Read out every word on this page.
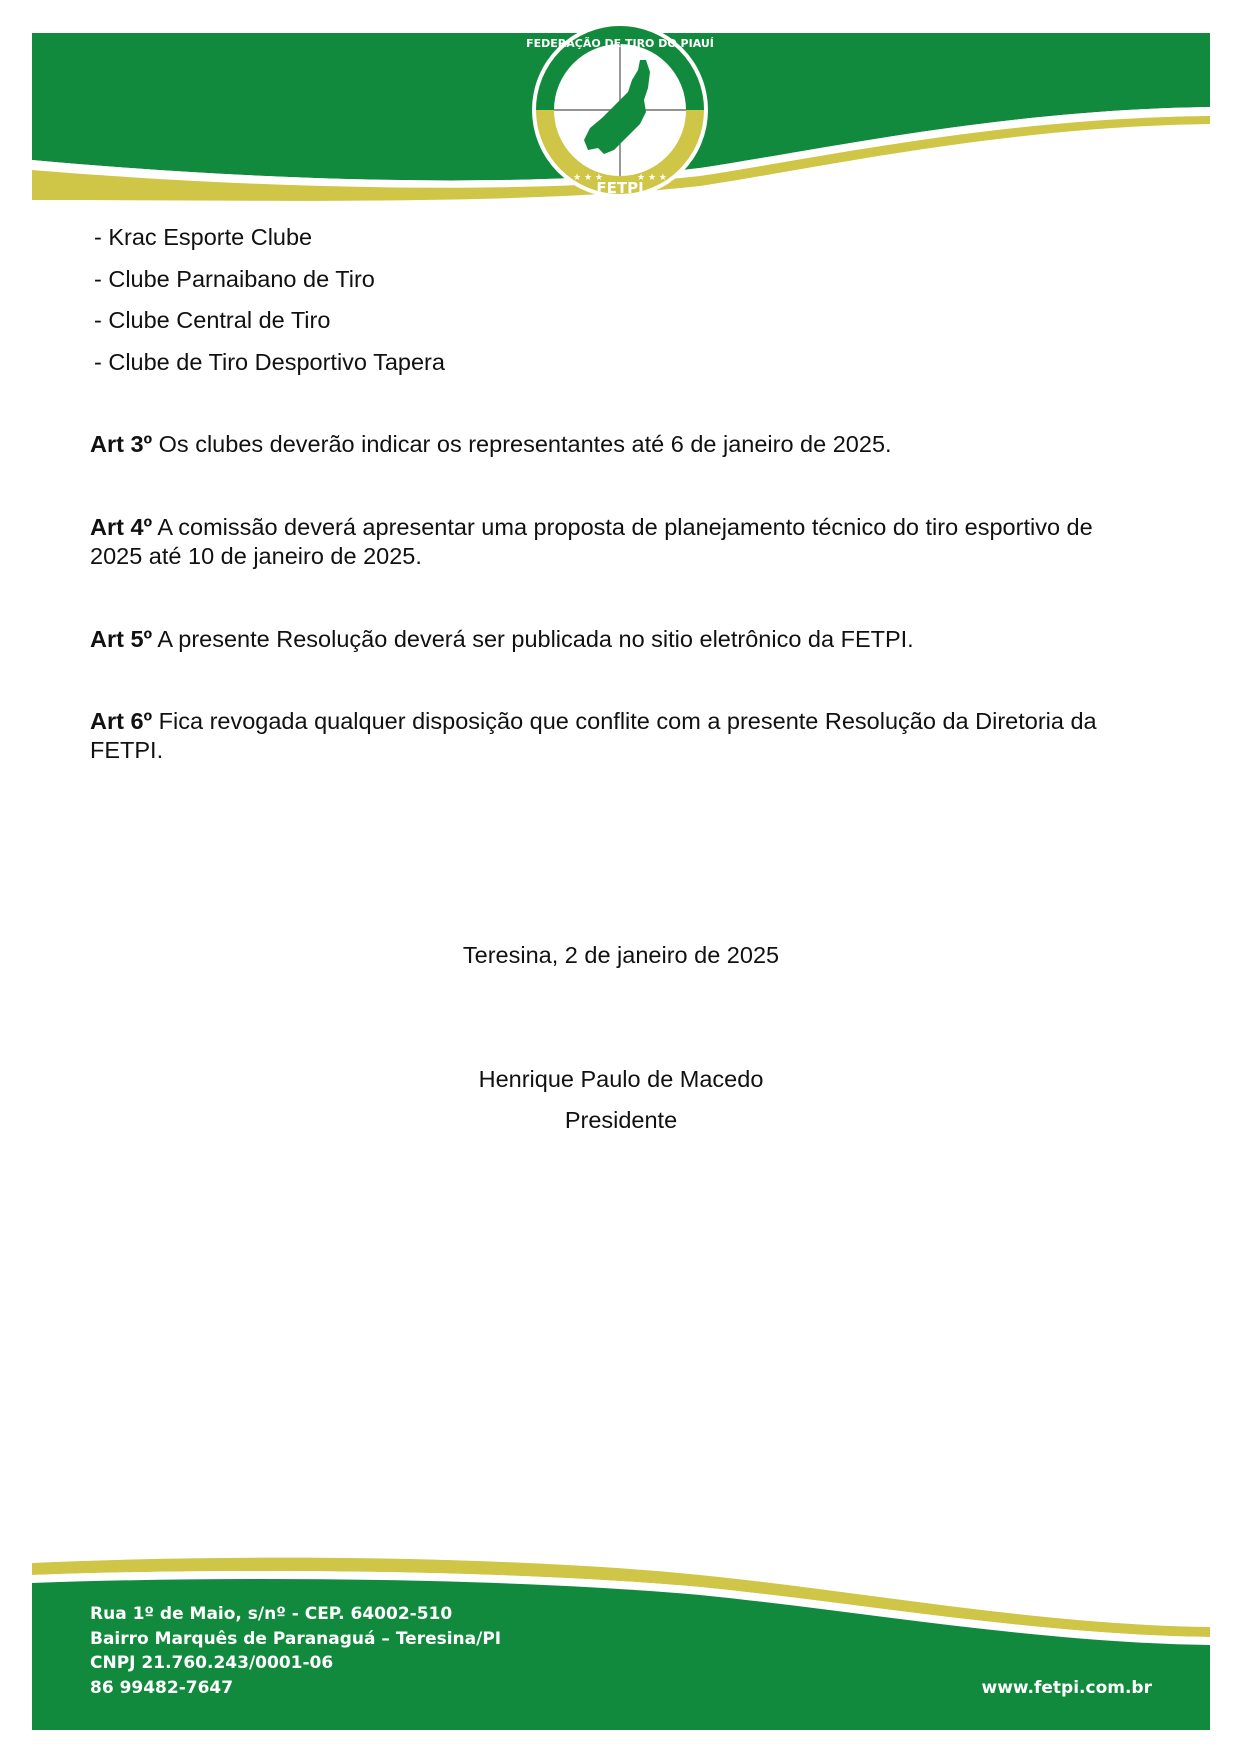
FEDERAÇÃO DE TIRO DO PIAUÍ
FETPI
★ ★ ★	★ ★ ★
- Krac Esporte Clube
- Clube Parnaibano de Tiro
- Clube Central de Tiro
- Clube de Tiro Desportivo Tapera
Art 3º Os clubes deverão indicar os representantes até 6 de janeiro de 2025.
Art 4º A comissão deverá apresentar uma proposta de planejamento técnico do tiro esportivo de 2025 até 10 de janeiro de 2025.
Art 5º A presente Resolução deverá ser publicada no sitio eletrônico da FETPI.
Art 6º Fica revogada qualquer disposição que conflite com a presente Resolução da Diretoria da FETPI.
Teresina, 2 de janeiro de 2025
Henrique Paulo de Macedo
Presidente
Rua 1º de Maio, s/nº - CEP. 64002-510
Bairro Marquês de Paranaguá – Teresina/PI
CNPJ 21.760.243/0001-06
86 99482-7647	www.fetpi.com.br
